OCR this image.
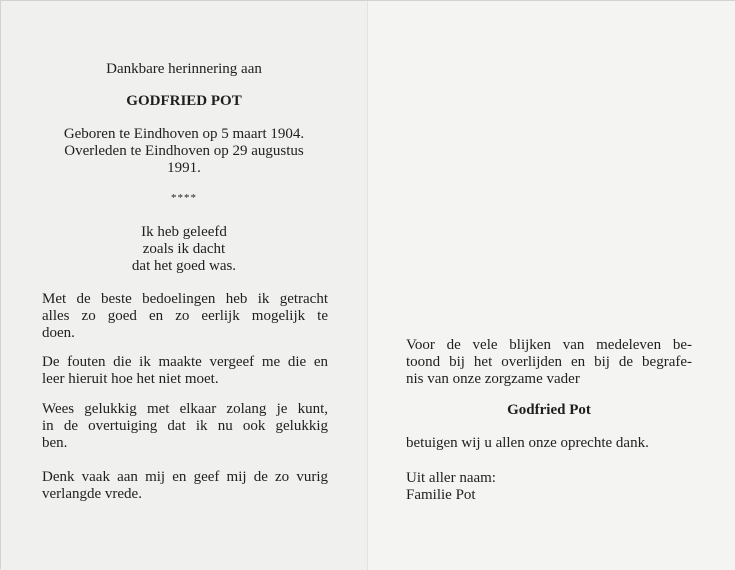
Dankbare herinnering aan

GODFRIED POT

Geboren te Eindhoven op 5 maart 1904.

Overleden te Eindhoven op 29 augustus

1991.

****

Ik heb geleefd

zoals ik dacht

dat het goed was.

Met de beste bedoelingen heb ik getracht
alles zo goed en zo eerlijk mogelijk te
doen.
De fouten die ik maakte vergeef me die en
leer hieruit hoe het niet moet.
Wees gelukkig met elkaar zolang je kunt,
in de overtuiging dat ik nu ook gelukkig
ben.
Denk vaak aan mij en geef mij de zo vurig
verlangde vrede.
Voor de vele blijken van medeleven be-
toond bij het overlijden en bij de begrafe-
nis van onze zorgzame vader

Godfried Pot

betuigen wij u allen onze oprechte dank.

Uit aller naam:

Familie Pot
